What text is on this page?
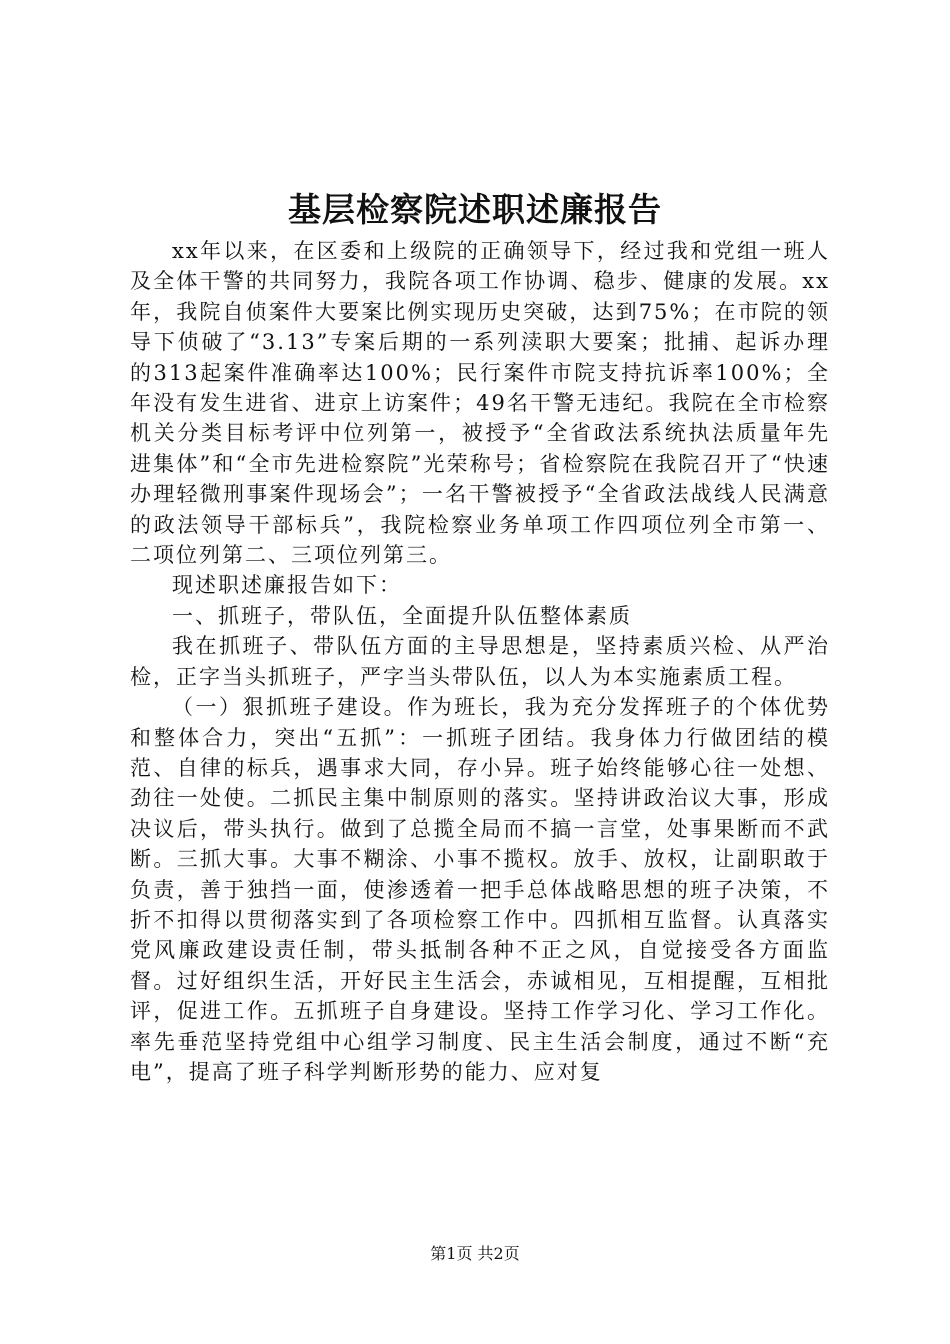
基层检察院述职述廉报告

xx年以来，在区委和上级院的正确领导下，经过我和党组一班人及全体干警的共同努力，我院各项工作协调、稳步、健康的发展。xx年，我院自侦案件大要案比例实现历史突破，达到75%；在市院的领导下侦破了“3.13”专案后期的一系列渎职大要案；批捕、起诉办理的313起案件准确率达100%；民行案件市院支持抗诉率100%；全年没有发生进省、进京上访案件；49名干警无违纪。我院在全市检察机关分类目标考评中位列第一，被授予“全省政法系统执法质量年先进集体”和“全市先进检察院”光荣称号；省检察院在我院召开了“快速办理轻微刑事案件现场会”；一名干警被授予“全省政法战线人民满意的政法领导干部标兵”，我院检察业务单项工作四项位列全市第一、二项位列第二、三项位列第三。

现述职述廉报告如下：

一、抓班子，带队伍，全面提升队伍整体素质

我在抓班子、带队伍方面的主导思想是，坚持素质兴检、从严治检，正字当头抓班子，严字当头带队伍，以人为本实施素质工程。

（一）狠抓班子建设。作为班长，我为充分发挥班子的个体优势和整体合力，突出“五抓”：一抓班子团结。我身体力行做团结的模范、自律的标兵，遇事求大同，存小异。班子始终能够心往一处想、劲往一处使。二抓民主集中制原则的落实。坚持讲政治议大事，形成决议后，带头执行。做到了总揽全局而不搞一言堂，处事果断而不武断。三抓大事。大事不糊涂、小事不揽权。放手、放权，让副职敢于负责，善于独挡一面，使渗透着一把手总体战略思想的班子决策，不折不扣得以贯彻落实到了各项检察工作中。四抓相互监督。认真落实党风廉政建设责任制，带头抵制各种不正之风，自觉接受各方面监督。过好组织生活，开好民主生活会，赤诚相见，互相提醒，互相批评，促进工作。五抓班子自身建设。坚持工作学习化、学习工作化。率先垂范坚持党组中心组学习制度、民主生活会制度，通过不断“充电”，提高了班子科学判断形势的能力、应对复

第1页 共2页
